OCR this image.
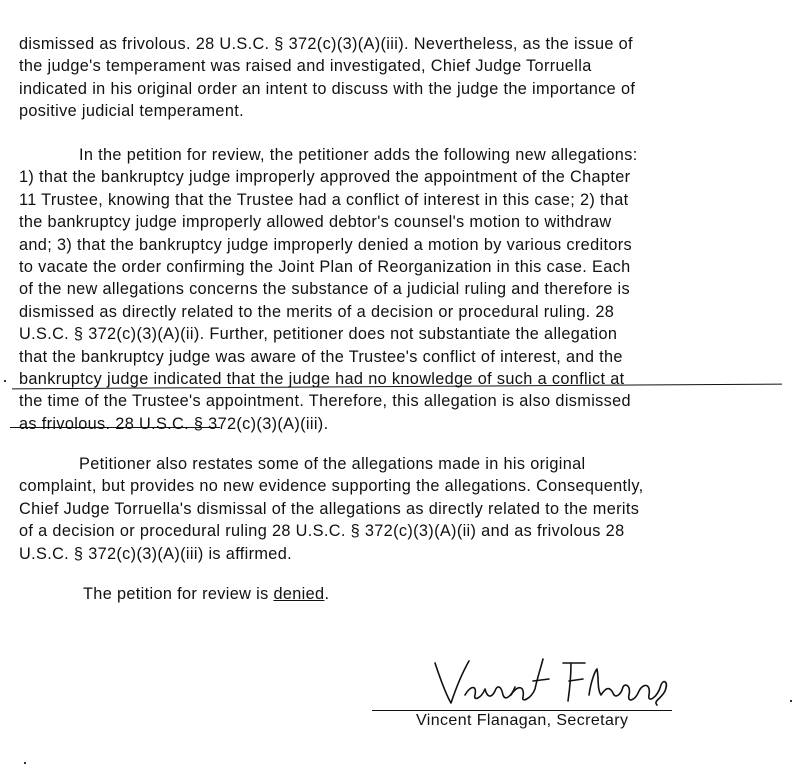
dismissed as frivolous. 28 U.S.C. § 372(c)(3)(A)(iii). Nevertheless, as the issue of
the judge's temperament was raised and investigated, Chief Judge Torruella
indicated in his original order an intent to discuss with the judge the importance of
positive judicial temperament.

In the petition for review, the petitioner adds the following new allegations:
1) that the bankruptcy judge improperly approved the appointment of the Chapter
11 Trustee, knowing that the Trustee had a conflict of interest in this case; 2) that
the bankruptcy judge improperly allowed debtor's counsel's motion to withdraw
and; 3) that the bankruptcy judge improperly denied a motion by various creditors
to vacate the order confirming the Joint Plan of Reorganization in this case. Each
of the new allegations concerns the substance of a judicial ruling and therefore is
dismissed as directly related to the merits of a decision or procedural ruling. 28
U.S.C. § 372(c)(3)(A)(ii). Further, petitioner does not substantiate the allegation
that the bankruptcy judge was aware of the Trustee's conflict of interest, and the
bankruptcy judge indicated that the judge had no knowledge of such a conflict at
the time of the Trustee's appointment. Therefore, this allegation is also dismissed
as frivolous. 28 U.S.C. § 372(c)(3)(A)(iii).

Petitioner also restates some of the allegations made in his original
complaint, but provides no new evidence supporting the allegations. Consequently,
Chief Judge Torruella's dismissal of the allegations as directly related to the merits
of a decision or procedural ruling 28 U.S.C. § 372(c)(3)(A)(ii) and as frivolous 28
U.S.C. § 372(c)(3)(A)(iii) is affirmed.

The petition for review is denied.

Vincent Flanagan, Secretary
